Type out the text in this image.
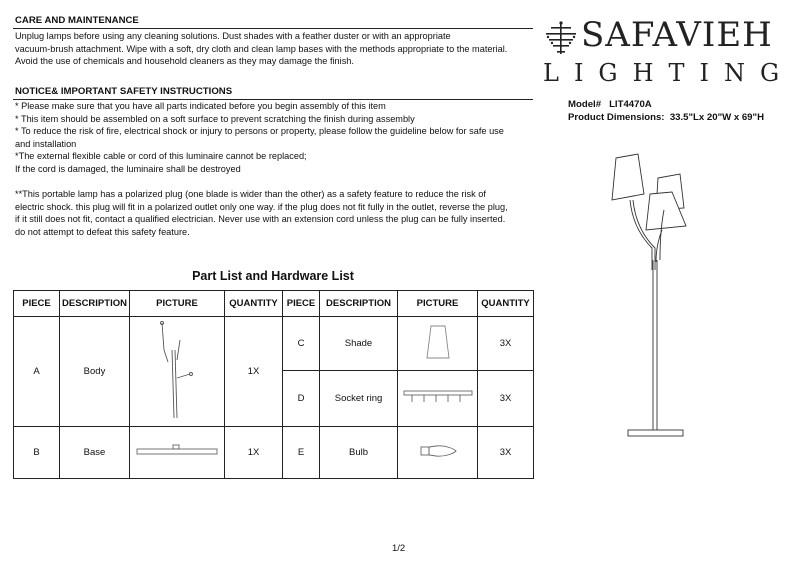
CARE AND MAINTENANCE
Unplug lamps before using any cleaning solutions. Dust shades with a feather duster or with an appropriate
vacuum-brush attachment. Wipe with a soft, dry cloth and clean lamp bases with the methods appropriate to the material.
Avoid the use of chemicals and household cleaners as they may damage the finish.
NOTICE& IMPORTANT SAFETY INSTRUCTIONS
* Please make sure that you have all parts indicated before you begin assembly of this item
* This item should be assembled on a soft surface to prevent scratching the finish during assembly
* To reduce the risk of fire, electrical shock or injury to persons or property, please follow the guideline below for safe use
and installation
*The external flexible cable or cord of this luminaire cannot be replaced;
If the cord is damaged, the luminaire shall be destroyed
**This portable lamp has a polarized plug (one blade is wider than the other) as a safety feature to reduce the risk of
electric shock. this plug will fit in a polarized outlet only one way. if the plug does not fit fully in the outlet, reverse the plug,
if it still does not fit, contact a qualified electrician. Never use with an extension cord unless the plug can be fully inserted.
do not attempt to defeat this safety feature.
SAFAVIEH
LIGHTING
Model# LIT4470A
Product Dimensions: 33.5"Lx 20"W x 69"H
Part List and Hardware List
PIECE	DESCRIPTION	PICTURE	QUANTITY	PIECE	DESCRIPTION	PICTURE	QUANTITY
A	Body		1X	C	Shade		3X
				D	Socket ring		3X
B	Base		1X	E	Bulb		3X
1/2
